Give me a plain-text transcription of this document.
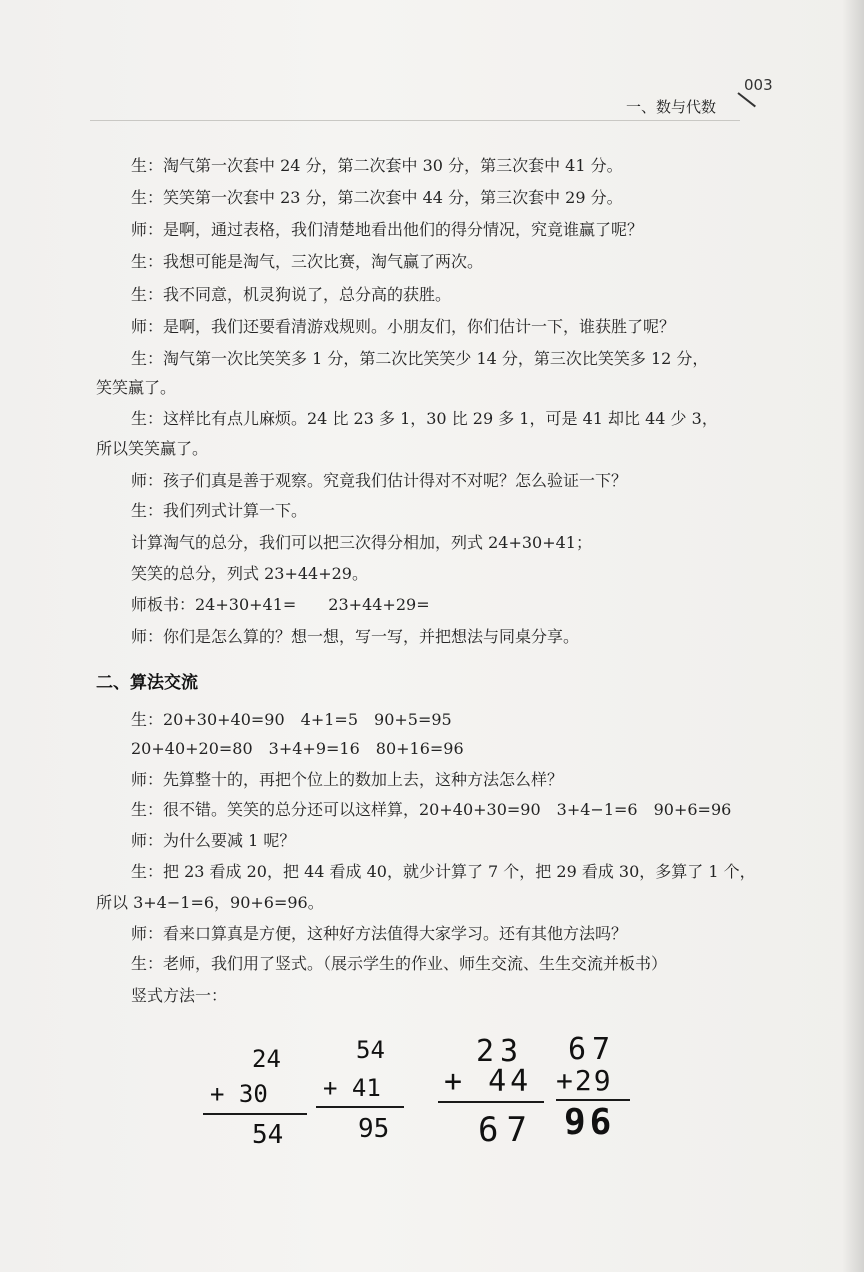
003
一、数与代数
生：淘气第一次套中 24 分，第二次套中 30 分，第三次套中 41 分。
生：笑笑第一次套中 23 分，第二次套中 44 分，第三次套中 29 分。
师：是啊，通过表格，我们清楚地看出他们的得分情况，究竟谁赢了呢？
生：我想可能是淘气，三次比赛，淘气赢了两次。
生：我不同意，机灵狗说了，总分高的获胜。
师：是啊，我们还要看清游戏规则。小朋友们，你们估计一下，谁获胜了呢？
生：淘气第一次比笑笑多 1 分，第二次比笑笑少 14 分，第三次比笑笑多 12 分，
笑笑赢了。
生：这样比有点儿麻烦。24 比 23 多 1，30 比 29 多 1，可是 41 却比 44 少 3，
所以笑笑赢了。
师：孩子们真是善于观察。究竟我们估计得对不对呢？怎么验证一下？
生：我们列式计算一下。
计算淘气的总分，我们可以把三次得分相加，列式 24+30+41；
笑笑的总分，列式 23+44+29。
师板书：24+30+41=　　23+44+29=
师：你们是怎么算的？想一想，写一写，并把想法与同桌分享。
二、算法交流
生：20+30+40=90　4+1=5　90+5=95
20+40+20=80　3+4+9=16　80+16=96
师：先算整十的，再把个位上的数加上去，这种方法怎么样？
生：很不错。笑笑的总分还可以这样算，20+40+30=90　3+4−1=6　90+6=96
师：为什么要减 1 呢？
生：把 23 看成 20，把 44 看成 40，就少计算了 7 个，把 29 看成 30，多算了 1 个，
所以 3+4−1=6，90+6=96。
师：看来口算真是方便，这种好方法值得大家学习。还有其他方法吗？
生：老师，我们用了竖式。（展示学生的作业、师生交流、生生交流并板书）
竖式方法一：
24
+ 30
54
54
+ 41
95
23
+ 44
67
67
+29
96
